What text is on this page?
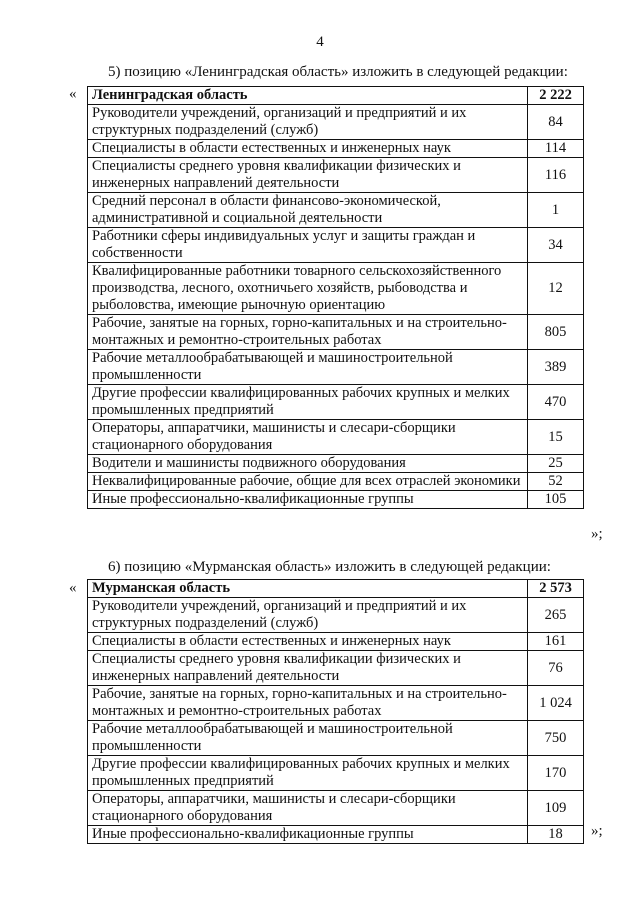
4
5) позицию «Ленинградская область» изложить в следующей редакции:
« Ленинградская область	2 222
Руководители учреждений, организаций и предприятий и их структурных подразделений (служб)	84
Специалисты в области естественных и инженерных наук	114
Специалисты среднего уровня квалификации физических и инженерных направлений деятельности	116
Средний персонал в области финансово-экономической, административной и социальной деятельности	1
Работники сферы индивидуальных услуг и защиты граждан и собственности	34
Квалифицированные работники товарного сельскохозяйственного производства, лесного, охотничьего хозяйств, рыбоводства и рыболовства, имеющие рыночную ориентацию	12
Рабочие, занятые на горных, горно-капитальных и на строительно-монтажных и ремонтно-строительных работах	805
Рабочие металлообрабатывающей и машиностроительной промышленности	389
Другие профессии квалифицированных рабочих крупных и мелких промышленных предприятий	470
Операторы, аппаратчики, машинисты и слесари-сборщики стационарного оборудования	15
Водители и машинисты подвижного оборудования	25
Неквалифицированные рабочие, общие для всех отраслей экономики	52
Иные профессионально-квалификационные группы	105
»;
6) позицию «Мурманская область» изложить в следующей редакции:
« Мурманская область	2 573
Руководители учреждений, организаций и предприятий и их структурных подразделений (служб)	265
Специалисты в области естественных и инженерных наук	161
Специалисты среднего уровня квалификации физических и инженерных направлений деятельности	76
Рабочие, занятые на горных, горно-капитальных и на строительно-монтажных и ремонтно-строительных работах	1 024
Рабочие металлообрабатывающей и машиностроительной промышленности	750
Другие профессии квалифицированных рабочих крупных и мелких промышленных предприятий	170
Операторы, аппаратчики, машинисты и слесари-сборщики стационарного оборудования	109
Иные профессионально-квалификационные группы	18 »;
